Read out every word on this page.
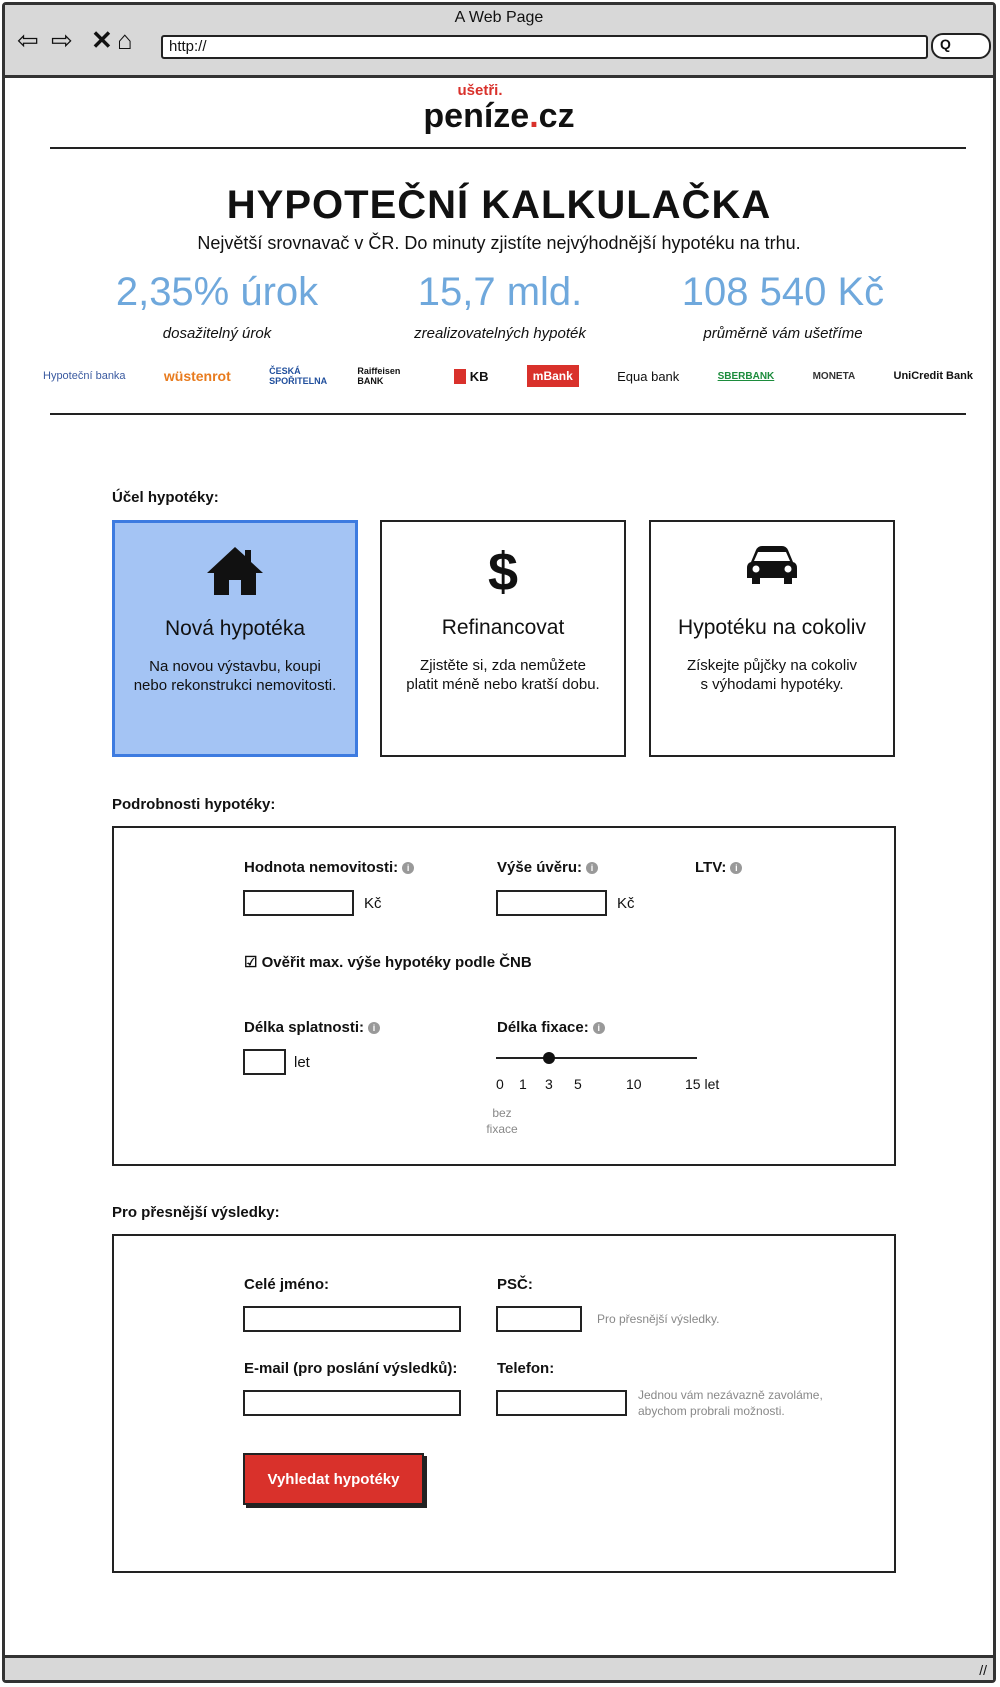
A Web Page
⇦ ⇨ ✕ ⌂	http://	Q
ušetři.
peníze.cz
HYPOTEČNÍ KALKULAČKA
Největší srovnavač v ČR. Do minuty zjistíte nejvýhodnější hypotéku na trhu.
2,35% úrok
dosažitelný úrok
15,7 mld.
zrealizovatelných hypoték
108 540 Kč
průměrně vám ušetříme
Hypoteční banka	wüstenrot	ČESKÁ SPOŘITELNA
Raiffeisen BANK	KB	mBank	Equa bank	SBERBANK	MONETA	UniCredit Bank
Účel hypotéky:
Nová hypotéka
Na novou výstavbu, koupi
nebo rekonstrukci nemovitosti.
$
Refinancovat
Zjistěte si, zda nemůžete
platit méně nebo kratší dobu.
Hypotéku na cokoliv
Získejte půjčky na cokoliv
s výhodami hypotéky.
Podrobnosti hypotéky:
Hodnota nemovitosti: i
Kč
Výše úvěru: i
Kč
LTV: i
☑ Ověřit max. výše hypotéky podle ČNB
Délka splatnosti: i
let
Délka fixace: i
0 1 3 5	10	15 let
bez
fixace
Pro přesnější výsledky:
Celé jméno:	PSČ:
Pro přesnější výsledky.
E-mail (pro poslání výsledků):	Telefon:
Jednou vám nezávazně zavoláme,
abychom probrali možnosti.
Vyhledat hypotéky
//
